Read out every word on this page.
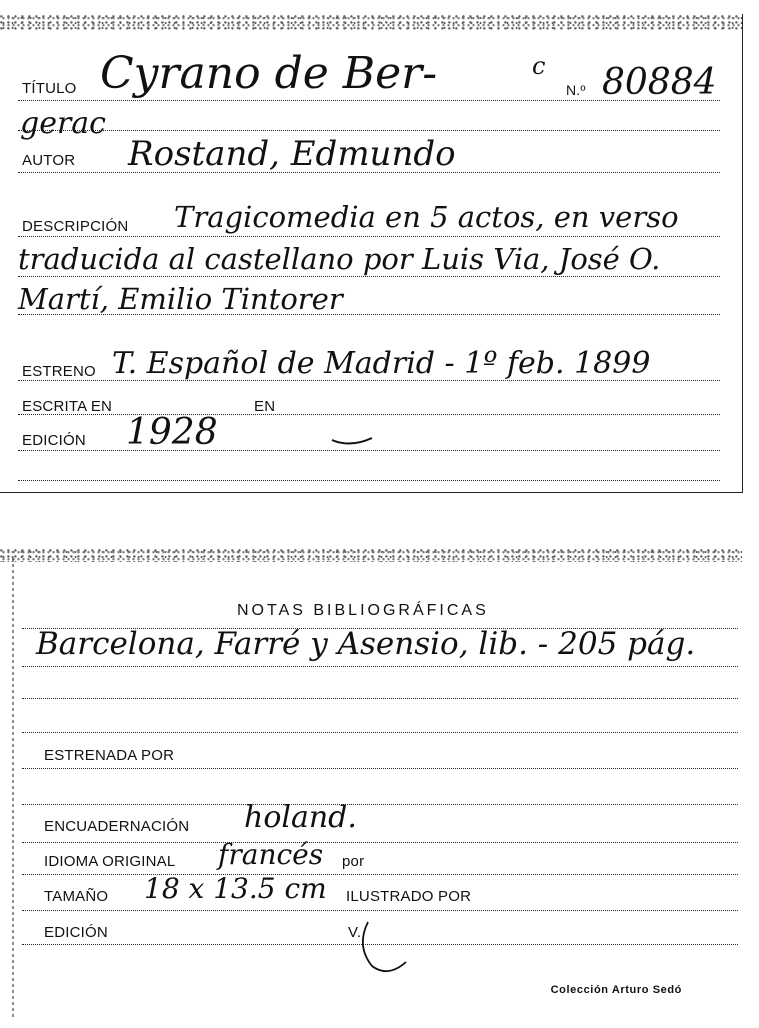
TÍTULO Cyrano de Ber-	c
N.º 80884
gerac
AUTOR Rostand, Edmundo
DESCRIPCIÓN Tragicomedia en 5 actos, en verso
traducida al castellano por Luis Via, José O.
Martí, Emilio Tintorer
ESTRENO T. Español de Madrid - 1º feb. 1899
ESCRITA EN	EN
EDICIÓN 1928
NOTAS BIBLIOGRÁFICAS
Barcelona, Farré y Asensio, lib. - 205 pág.
ESTRENADA POR
ENCUADERNACIÓN holand.
IDIOMA ORIGINAL francés por
TAMAÑO 18 x 13.5 cm ILUSTRADO POR
EDICIÓN	V.
Colección Arturo Sedó
